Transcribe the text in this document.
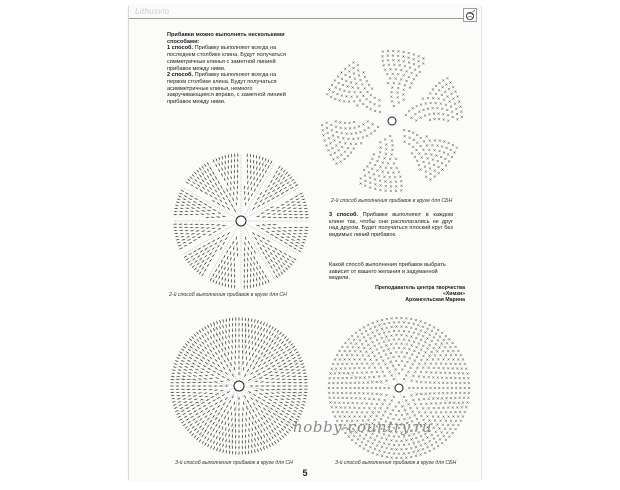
Lithusvio
Прибавки можно выполнять несколькими способами:
1 способ. Прибавку выполняют всегда на последнем столбике клина. Будут получаться симметричные клинья с заметной линией прибавок между ними.
2 способ. Прибавку выполняют всегда на первом столбике клина. Будут получаться асимметричные клинья, немного закручивающиеся вправо, с заметной линией прибавок между ними.
2-й способ выполнения прибавок в круге для СБН
2-й способ выполнения прибавок в круге для СН
3 способ. Прибавки выполняют в каждом клине так, чтобы они располагались не друг над другом. Будет получаться плоский круг без видимых линий прибавок.
Какой способ выполнения прибавок выбрать зависит от вашего желания и задуманной модели.
Преподаватель центра творчества «Химки»
Архангельская Марина
3-й способ выполнения прибавок в круге для СН	3-й способ выполнения прибавок в круге для СБН
hobby-country.ru
5
